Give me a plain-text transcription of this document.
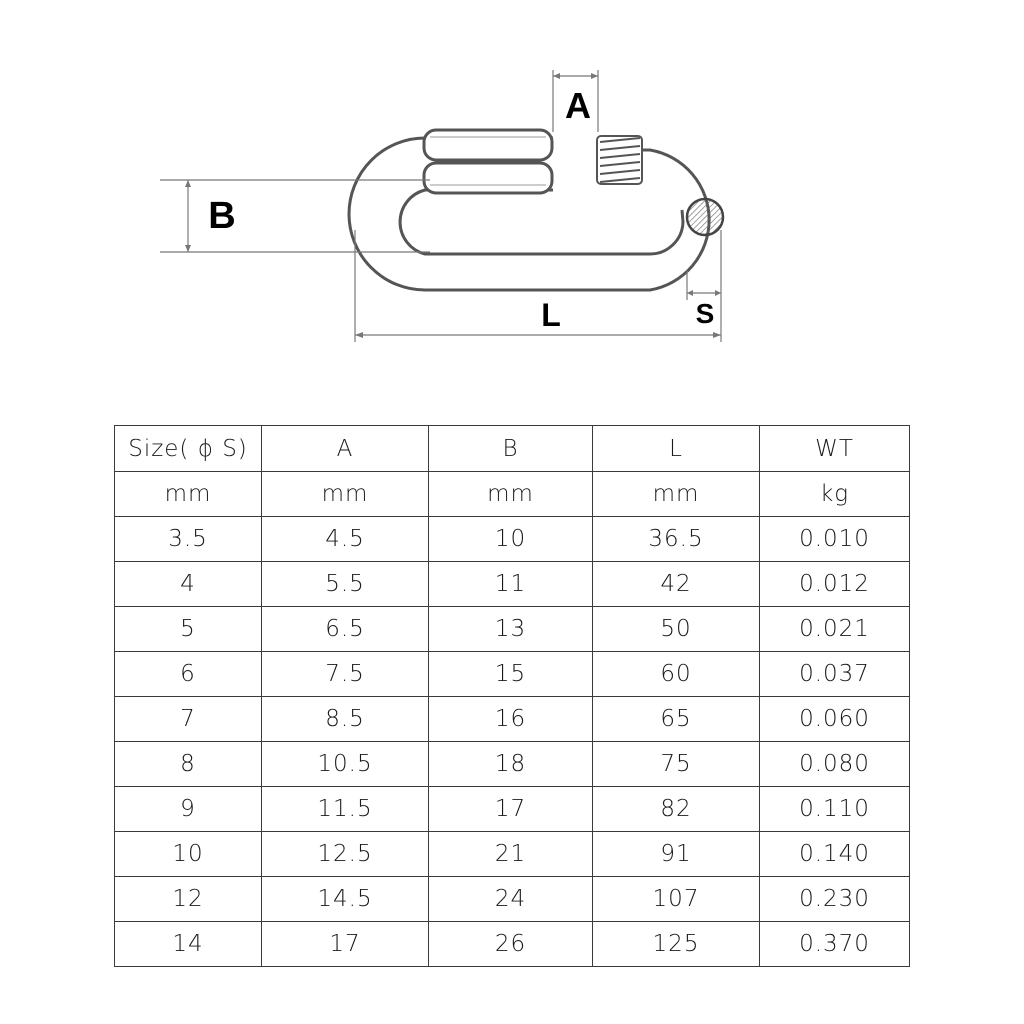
A
B
L	S
Size( ϕ S)	A	B	L	WT
mm	mm	mm	mm	kg
3.5	4.5	10	36.5	0.010
4	5.5	11	42	0.012
5	6.5	13	50	0.021
6	7.5	15	60	0.037
7	8.5	16	65	0.060
8	10.5	18	75	0.080
9	11.5	17	82	0.110
10	12.5	21	91	0.140
12	14.5	24	107	0.230
14	17	26	125	0.370
